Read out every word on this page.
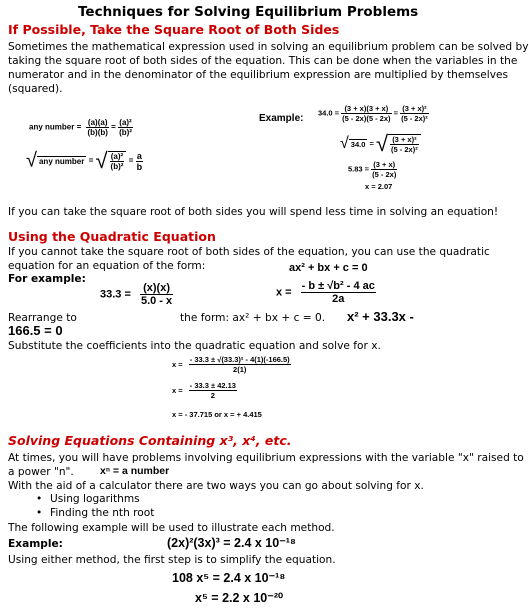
Techniques for Solving Equilibrium Problems
If Possible, Take the Square Root of Both Sides
Sometimes the mathematical expression used in solving an equilibrium problem can be solved by
taking the square root of both sides of the equation. This can be done when the variables in the
numerator and in the denominator of the equilibrium expression are multiplied by themselves
(squared).
any number = $\frac{(a)(a)}{(b)(b)} = \frac{\text{(a)²}}{\text{(b)²}}$
√ any number = √ $\frac{\text{(a)²}}{\text{(b)²}} = \frac{a}{b}$
Example:
$34.0 = \frac{(3 + x)(3 + x)}{(5 - 2x)(5 - 2x)} = \frac{\text{(3 + x)²}}{\text{(5 - 2x)²}}$
√ 34.0 = √ $\frac{\text{(3 + x)²}}{\text{(5 - 2x)²}}$
$5.83 = \frac{(3 + x)}{(5 - 2x)}$
x = 2.07
If you can take the square root of both sides you will spend less time in solving an equation!
Using the Quadratic Equation
If you cannot take the square root of both sides of the equation, you can use the quadratic
equation for an equation of the form:	ax² + bx + c = 0
For example:
$x = \frac{\text{- b ± √b² - 4 ac}}{2a}$
$33.3 = \frac{(x)(x)}{5.0 - x}$
Rearrange to	the form: ax² + bx + c = 0. x² + 33.3x -
166.5 = 0
Substitute the coefficients into the quadratic equation and solve for x.
$x = \frac{\text{- 33.3 ± √(33.3)² - 4(1)(-166.5)}}{2(1)}$
$x = \frac{- 33.3 \pm 42.13}{2}$
x = - 37.715 or x = + 4.415
Solving Equations Containing x³, x⁴, etc.
At times, you will have problems involving equilibrium expressions with the variable "x" raised to
a power "n". xⁿ = a number
With the aid of a calculator there are two ways you can go about solving for x.
• Using logarithms
• Finding the nth root
The following example will be used to illustrate each method.
Example:	(2x)²(3x)³ = 2.4 x 10⁻¹⁸
Using either method, the first step is to simplify the equation.
108 x⁵ = 2.4 x 10⁻¹⁸
x⁵ = 2.2 x 10⁻²⁰
